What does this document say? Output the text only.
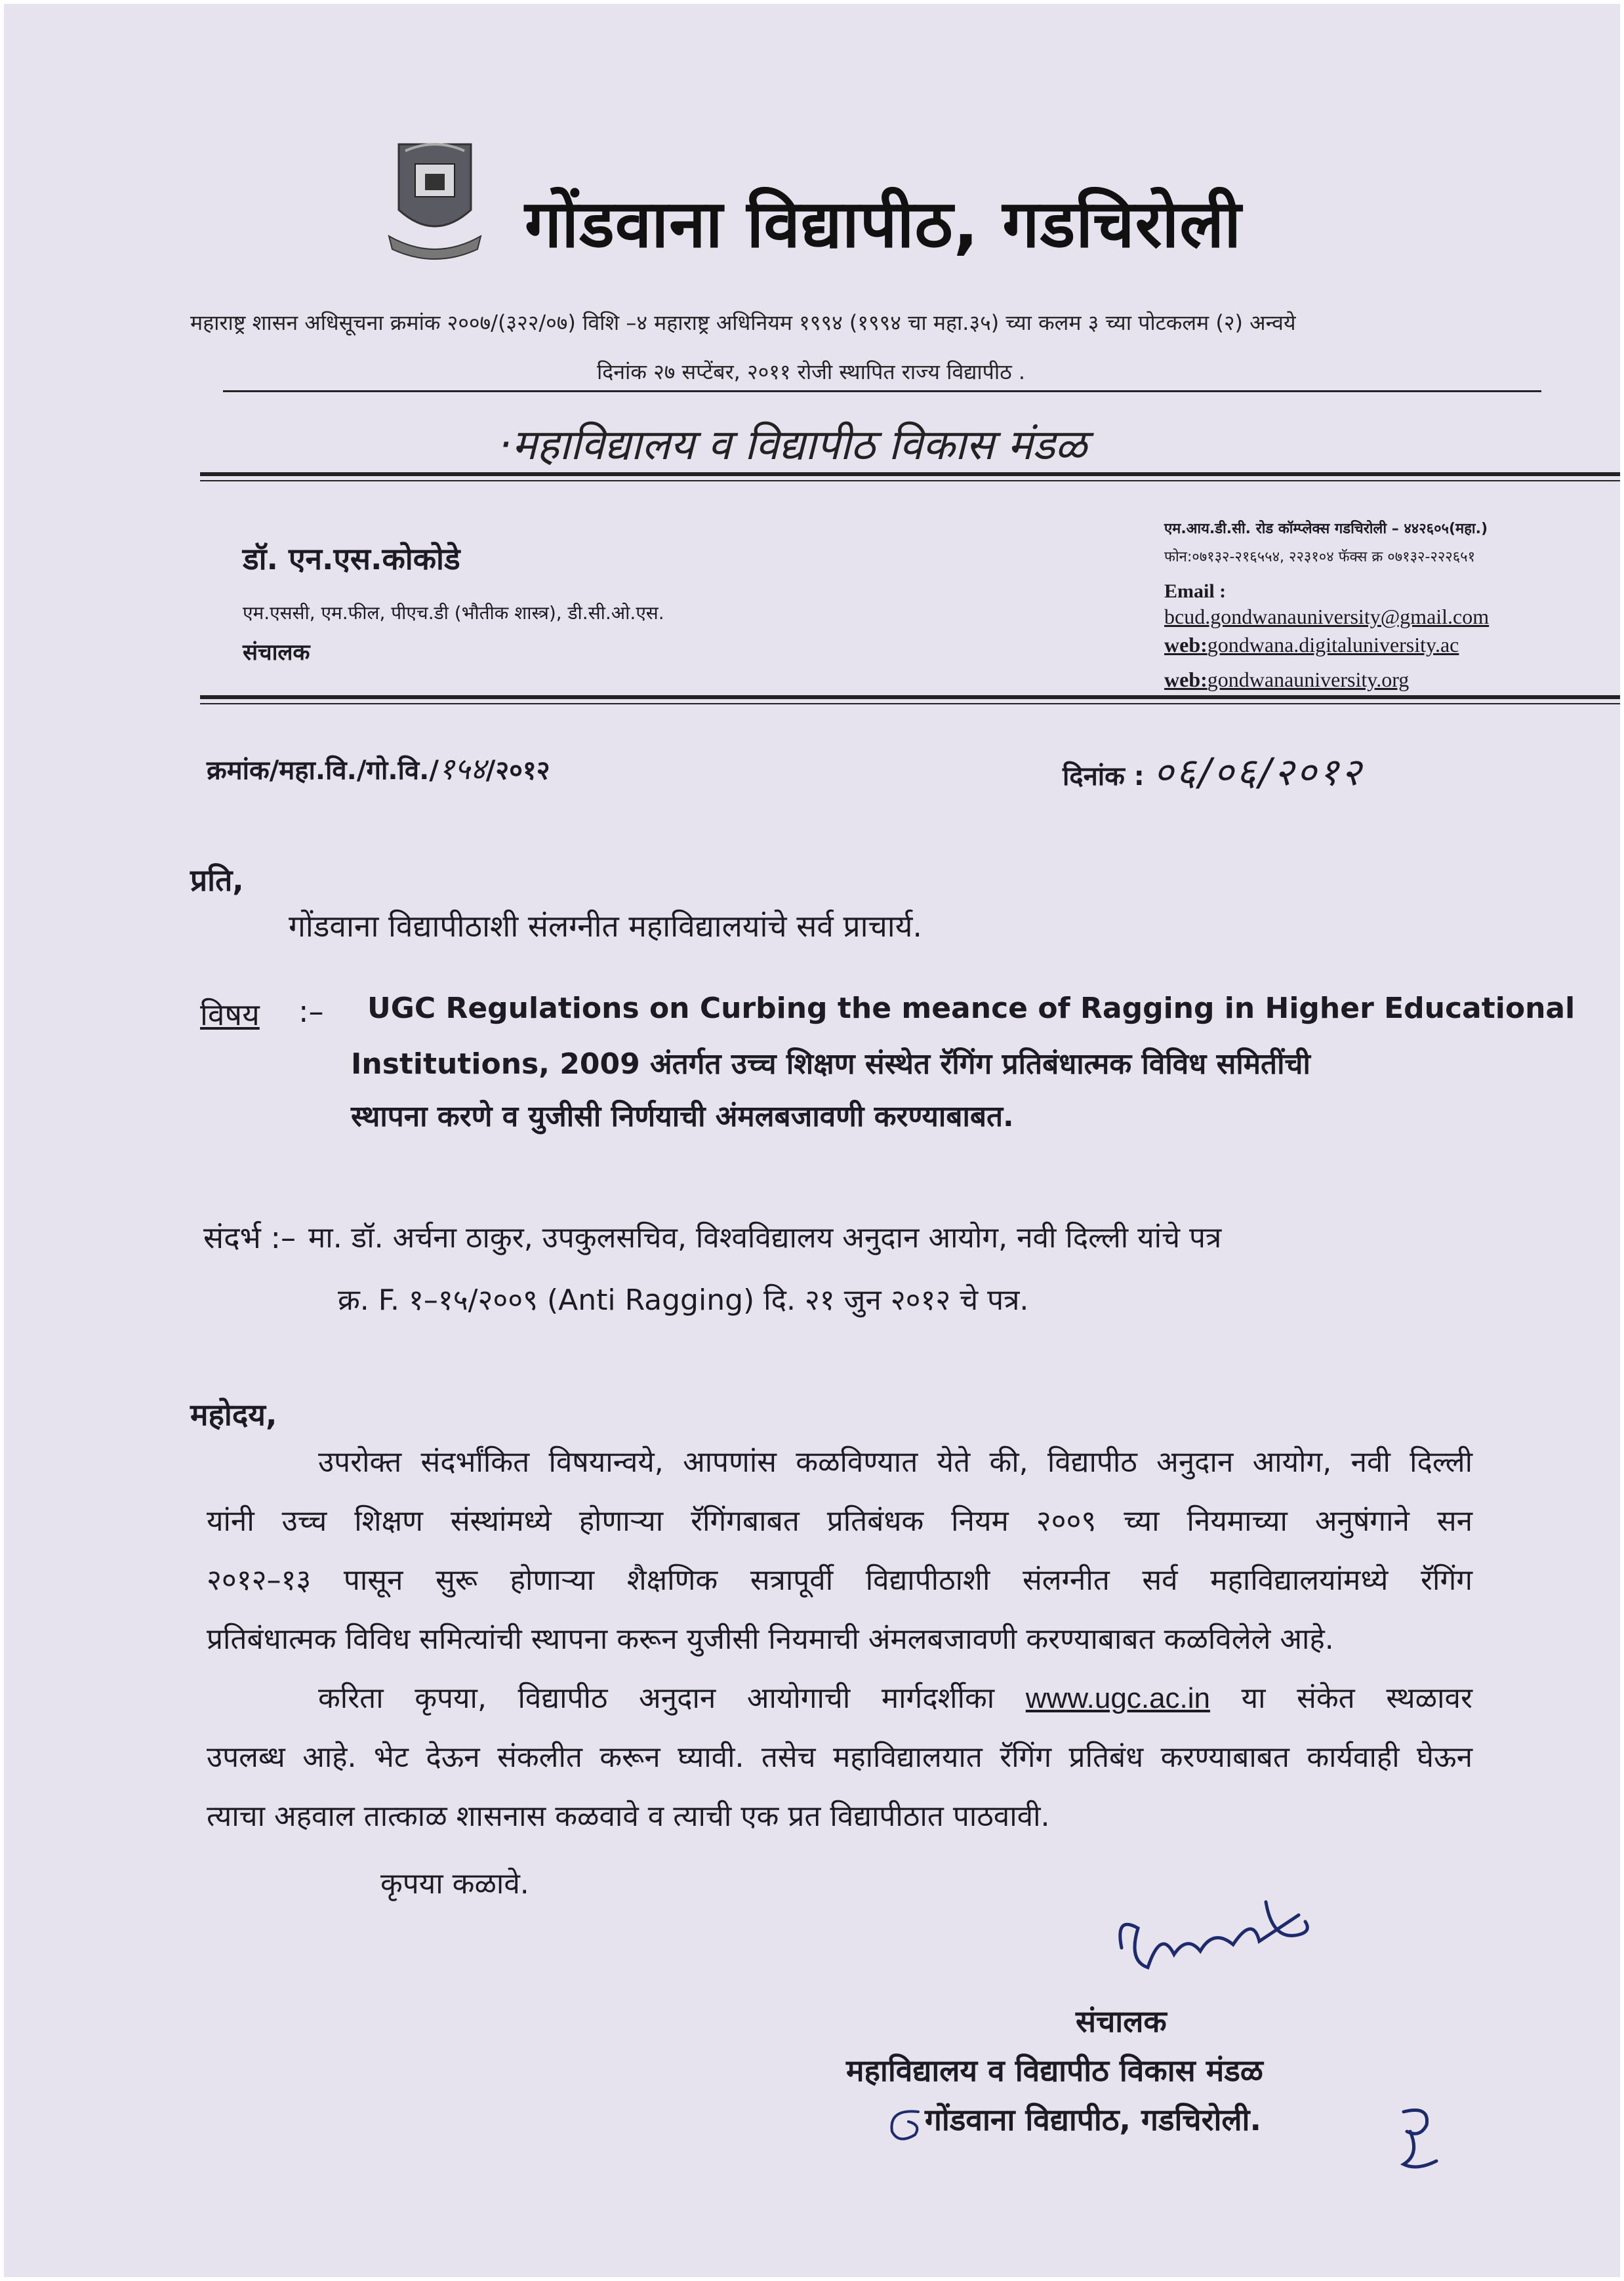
गोंडवाना विद्यापीठ, गडचिरोली
महाराष्ट्र शासन अधिसूचना क्रमांक २००७/(३२२/०७) विशि –४ महाराष्ट्र अधिनियम १९९४ (१९९४ चा महा.३५) च्या कलम ३ च्या पोटकलम (२) अन्वये
दिनांक २७ सप्टेंबर, २०११ रोजी स्थापित राज्य विद्यापीठ .
·महाविद्यालय व विद्यापीठ विकास मंडळ
डॉ. एन.एस.कोकोडे
एम.एससी, एम.फील, पीएच.डी (भौतीक शास्त्र), डी.सी.ओ.एस.
संचालक
एम.आय.डी.सी. रोड कॉम्प्लेक्स गडचिरोली – ४४२६०५(महा.)
फोन:०७१३२-२१६५५४, २२३१०४ फॅक्स क्र ०७१३२-२२२६५१
Email :
bcud.gondwanauniversity@gmail.com
web:gondwana.digitaluniversity.ac
web:gondwanauniversity.org
क्रमांक/महा.वि./गो.वि./१५४/२०१२	दिनांक : ०६/०६/२०१२
प्रति,
गोंडवाना विद्यापीठाशी संलग्नीत महाविद्यालयांचे सर्व प्राचार्य.
विषय :– UGC Regulations on Curbing the meance of Ragging in Higher Educational
Institutions, 2009 अंतर्गत उच्च शिक्षण संस्थेत रॅगिंग प्रतिबंधात्मक विविध समितींची
स्थापना करणे व युजीसी निर्णयाची अंमलबजावणी करण्याबाबत.
संदर्भ :– मा. डॉ. अर्चना ठाकुर, उपकुलसचिव, विश्वविद्यालय अनुदान आयोग, नवी दिल्ली यांचे पत्र
क्र. F. १–१५/२००९ (Anti Ragging) दि. २१ जुन २०१२ चे पत्र.
महोदय,
उपरोक्त संदर्भांकित विषयान्वये, आपणांस कळविण्यात येते की, विद्यापीठ अनुदान आयोग, नवी दिल्ली
यांनी उच्च शिक्षण संस्थांमध्ये होणाऱ्या रॅगिंगबाबत प्रतिबंधक नियम २००९ च्या नियमाच्या अनुषंगाने सन
२०१२–१३ पासून सुरू होणाऱ्या शैक्षणिक सत्रापूर्वी विद्यापीठाशी संलग्नीत सर्व महाविद्यालयांमध्ये रॅगिंग
प्रतिबंधात्मक विविध समित्यांची स्थापना करून युजीसी नियमाची अंमलबजावणी करण्याबाबत कळविलेले आहे.
करिता कृपया, विद्यापीठ अनुदान आयोगाची मार्गदर्शीका www.ugc.ac.in या संकेत स्थळावर
उपलब्ध आहे. भेट देऊन संकलीत करून घ्यावी. तसेच महाविद्यालयात रॅगिंग प्रतिबंध करण्याबाबत कार्यवाही घेऊन
त्याचा अहवाल तात्काळ शासनास कळवावे व त्याची एक प्रत विद्यापीठात पाठवावी.
कृपया कळावे.
संचालक
महाविद्यालय व विद्यापीठ विकास मंडळ
गोंडवाना विद्यापीठ, गडचिरोली.
